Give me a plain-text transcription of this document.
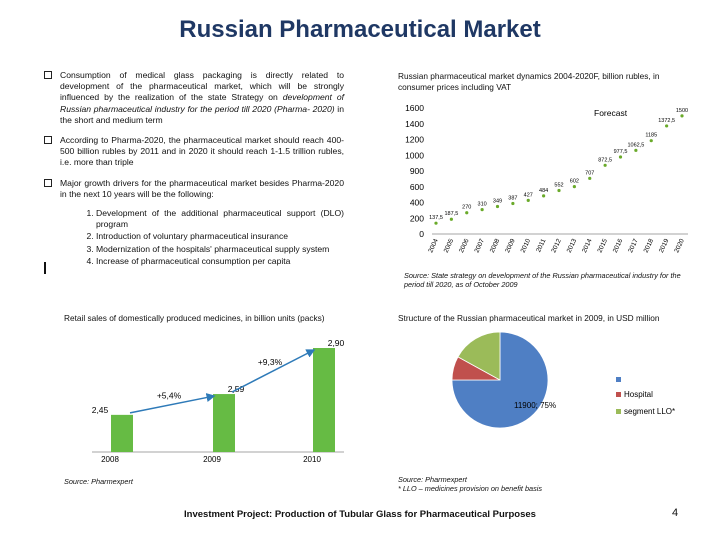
Russian Pharmaceutical Market
Consumption of medical glass packaging is directly related to development of the pharmaceutical market, which will be strongly influenced by the realization of the state Strategy on development of Russian pharmaceutical industry for the period till 2020 (Pharma- 2020) in the short and medium term
According to Pharma-2020, the pharmaceutical market should reach 400-500 billion rubles by 2011 and in 2020 it should reach 1-1.5 trillion rubles, i.e. more than triple
Major growth drivers for the pharmaceutical market besides Pharma-2020 in the next 10 years will be the following:
1. Development of the additional pharmaceutical support (DLO) program
2. Introduction of voluntary pharmaceutical insurance
3. Modernization of the hospitals' pharmaceutical supply system
4. Increase of pharmaceutical consumption per capita
Russian pharmaceutical market dynamics 2004-2020F, billion rubles, in consumer prices including VAT
Forecast
0
200
400
600
900
1000
1200
1400
1600
137,5
187,5
270
310
349 387
427
484
552
602
707
872,5
977,5
1062,5
1185
1372,5
1500
2004 2005 2006 2007 2008 2009 2010 2011 2012 2013 2014 2015 2016 2017 2018 2019 2020
Source: State strategy on development of the Russian pharmaceutical industry for the period till 2020, as of October 2009
Retail sales of domestically produced medicines, in billion units (packs)
2,45
2008
2,59
2009
2,90
2010
+5,4%
+9,3%
Structure of the Russian pharmaceutical market in 2009, in USD million
11900; 75%
Hospital
segment LLO*
Source: Pharmexpert	Source: Pharmexpert
* LLO – medicines provision on benefit basis
Investment Project: Production of Tubular Glass for Pharmaceutical Purposes	4
